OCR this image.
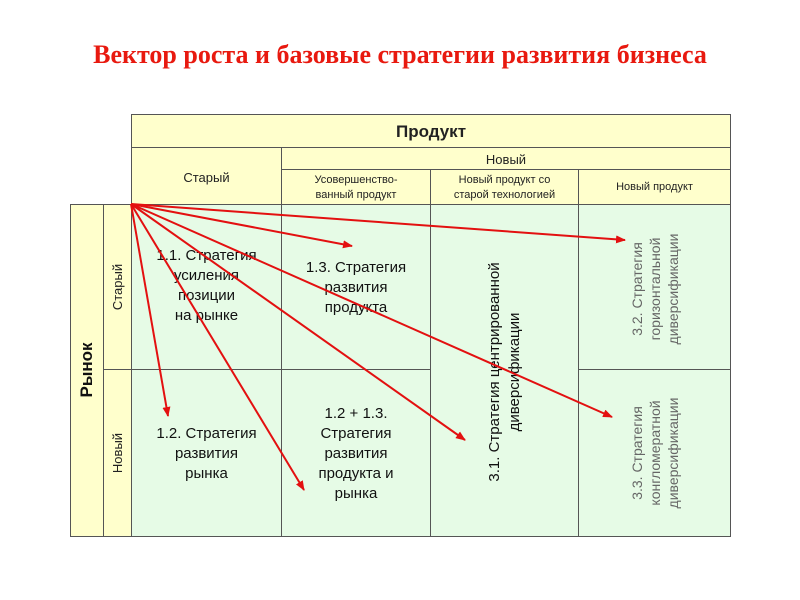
Вектор роста и базовые стратегии развития бизнеса
Продукт
Старый
Новый
Усовершенство-
ванный продукт
Новый продукт со
старой технологией
Новый продукт
Рынок
Старый
Новый
1.1. Стратегия
усиления
позиции
на рынке
1.3. Стратегия
развития
продукта
1.2. Стратегия
развития
рынка
1.2 + 1.3.
Стратегия
развития
продукта и
рынка
3.1. Стратегия центрированной
диверсификации	3.2. Стратегия
горизонтальной
диверсификации
3.3. Стратегия
конгломератной
диверсификации
